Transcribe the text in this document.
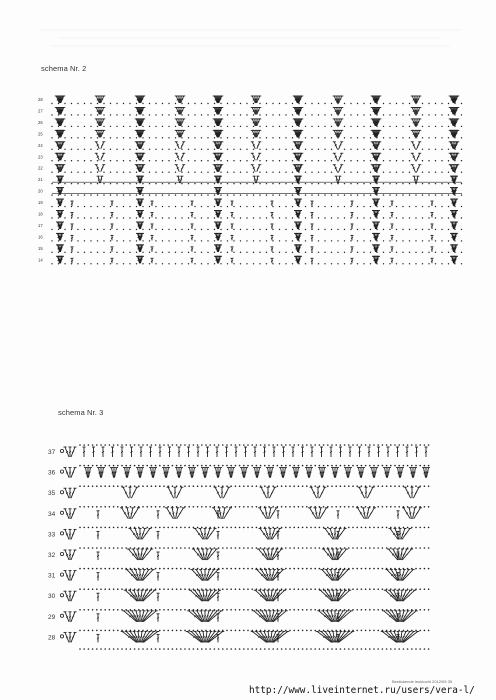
schema Nr. 2
28
27
26
25
24
23
22
21
20
19
18
17
16
15
14
schema Nr. 3
37
36
35
34
33
32
31
30
29
28
Bestickende leuktocht 2012/09 35
http://www.liveinternet.ru/users/vera-l/
